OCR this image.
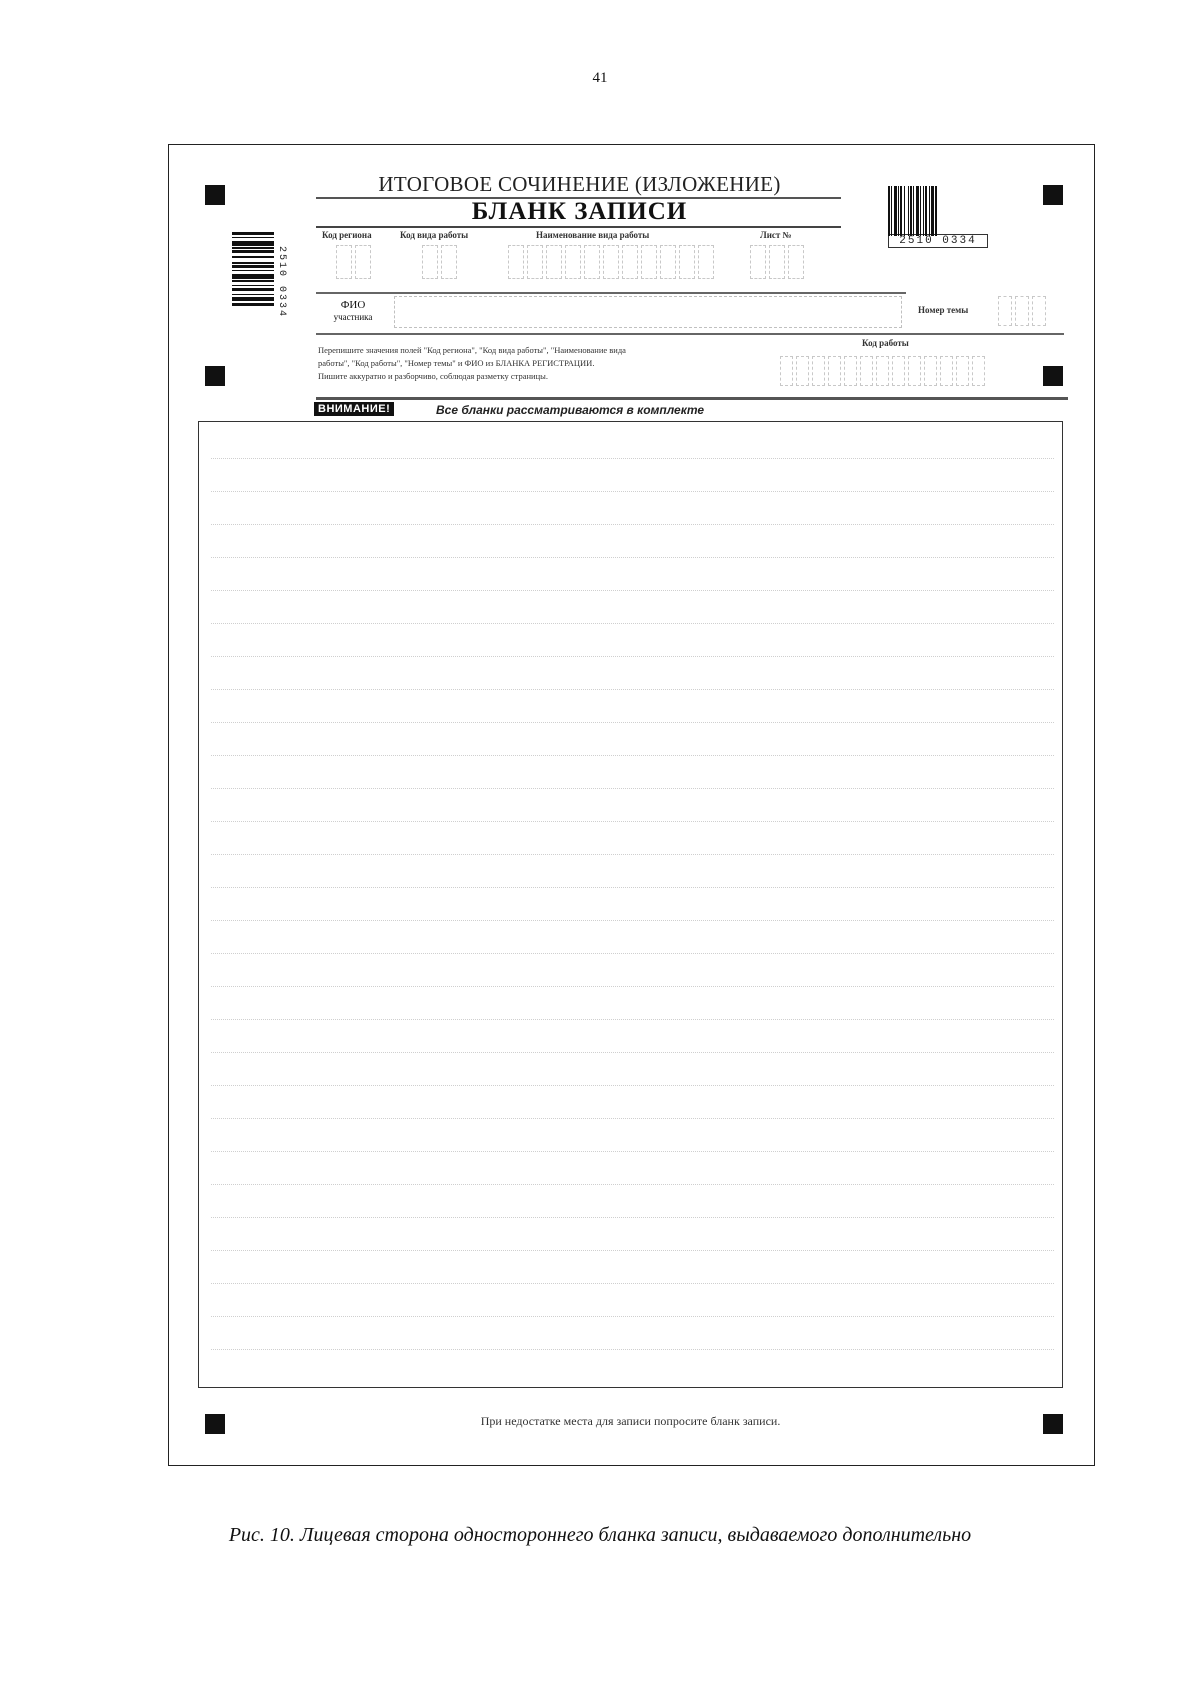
41
ИТОГОВОЕ СОЧИНЕНИЕ (ИЗЛОЖЕНИЕ)
БЛАНК ЗАПИСИ
2510 0334
2510 0334
Код региона	Код вида работы	Наименование вида работы	Лист №
ФИО
участника
Номер темы
Перепишите значения полей "Код региона", "Код вида работы", "Наименование вида
работы", "Код работы", "Номер темы" и ФИО из БЛАНКА РЕГИСТРАЦИИ.
Пишите аккуратно и разборчиво, соблюдая разметку страницы.
Код работы
ВНИМАНИЕ!	Все бланки рассматриваются в комплекте
При недостатке места для записи попросите бланк записи.
Рис. 10. Лицевая сторона одностороннего бланка записи, выдаваемого дополнительно
